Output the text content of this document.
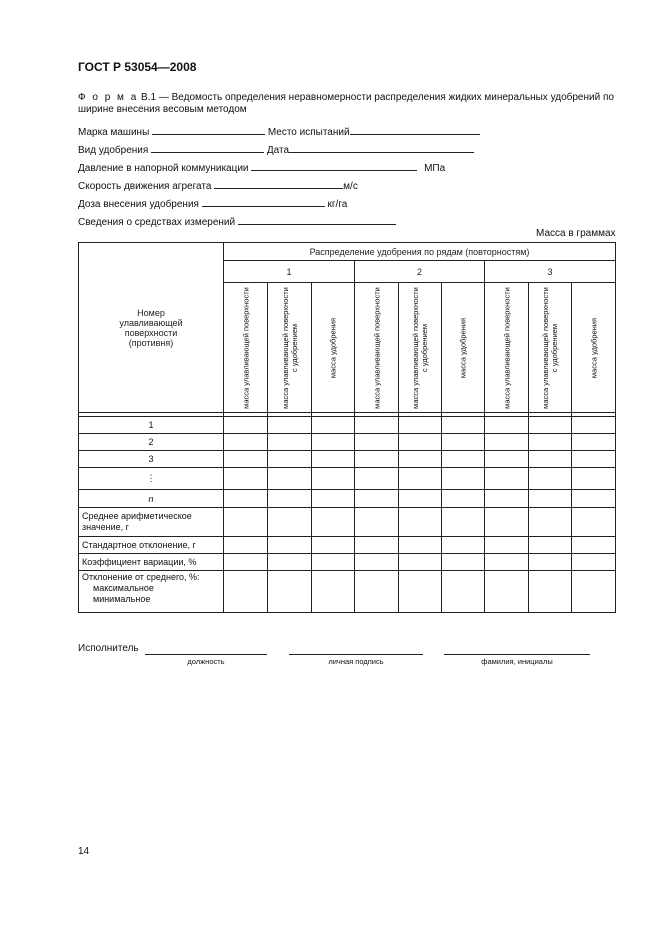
ГОСТ Р 53054—2008
Ф о р м а В.1 — Ведомость определения неравномерности распределения жидких минеральных удобрений по
ширине внесения весовым методом
Марка машины	Место испытаний
Вид удобрения	Дата
Давление в напорной коммуникации	МПа
Скорость движения агрегата	м/с
Доза внесения удобрения	кг/га
Сведения о средствах измерений
Масса в граммах
Номер улавливающей поверхности (противня)	Распределение удобрения по рядам (повторностям)								
	1			2			3		

	масса улавливающей поверхности	масса улавливающей поверхности с удобрением	масса удобрения	масса улавливающей поверхности	масса улавливающей поверхности с удобрением	масса удобрения	масса улавливающей поверхности	масса улавливающей поверхности с удобрением	масса удобрения

1									
2									
3									
⋮									
n									
Среднее арифметическое значение, г									
Стандартное отклонение, г									
Коэффициент вариации, %									

Отклонение от среднего, %:
максимальное
минимальное									

Исполнитель
должность	личная подпись	фамилия, инициалы
14
